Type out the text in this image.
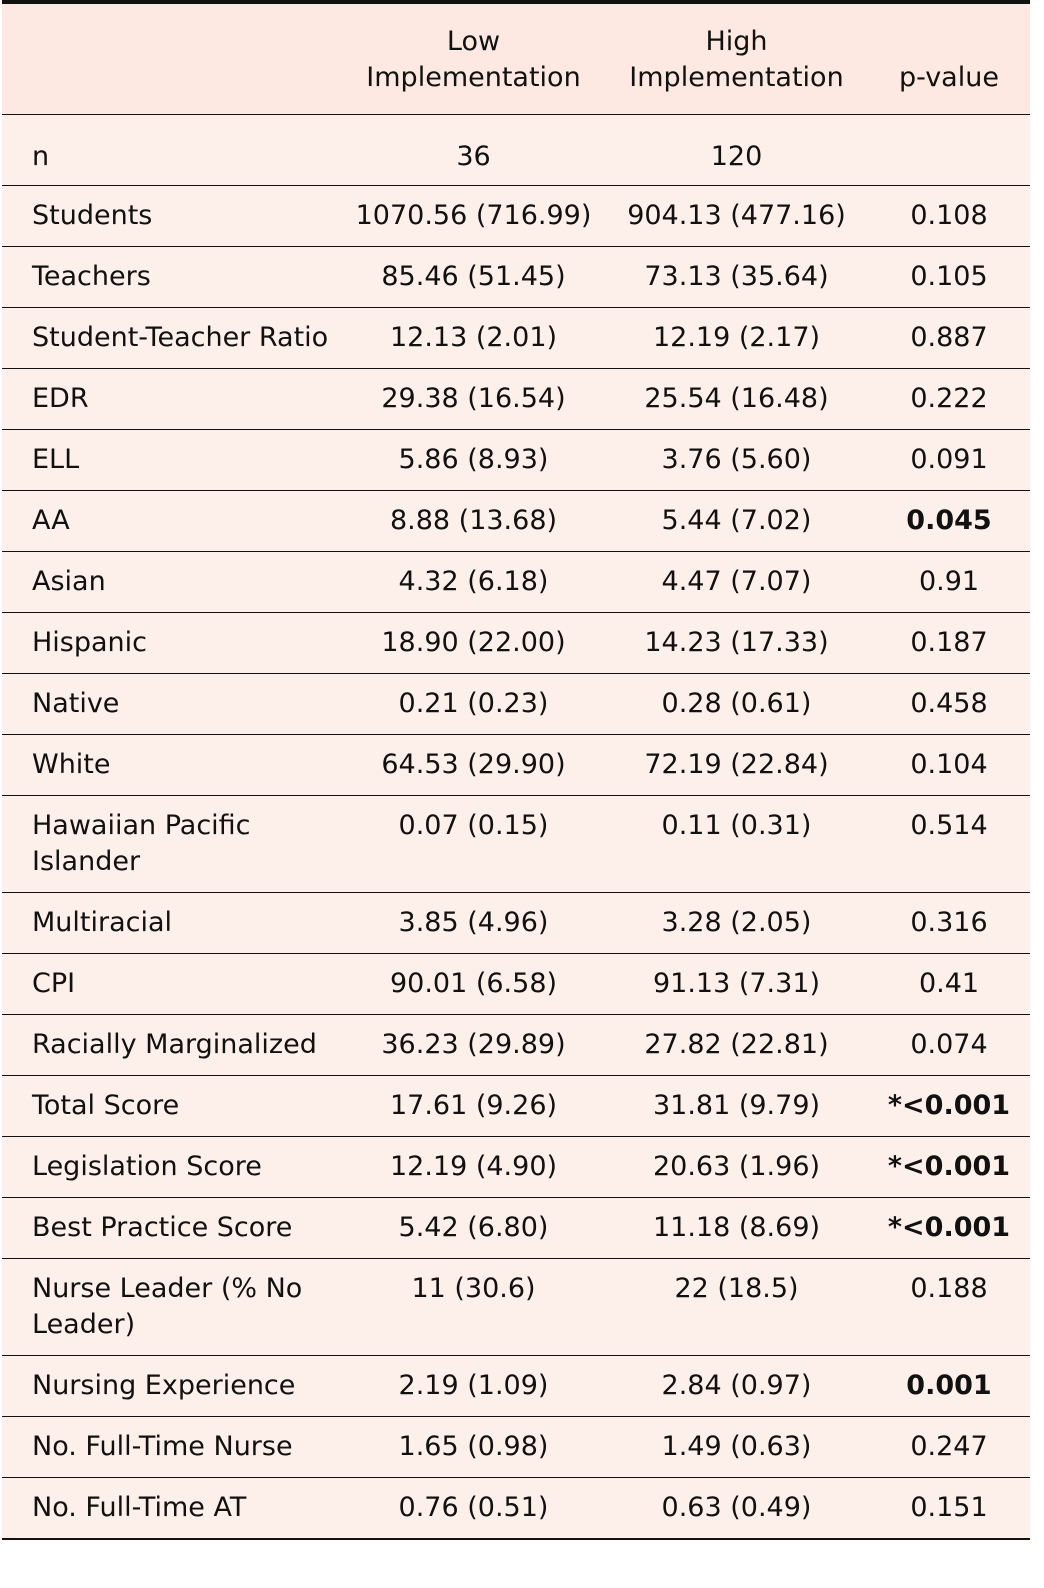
	Low Implementation	High Implementation	p-value
n	36	120	
Students	1070.56 (716.99)	904.13 (477.16)	0.108
Teachers	85.46 (51.45)	73.13 (35.64)	0.105
Student-Teacher Ratio	12.13 (2.01)	12.19 (2.17)	0.887
EDR	29.38 (16.54)	25.54 (16.48)	0.222
ELL	5.86 (8.93)	3.76 (5.60)	0.091
AA	8.88 (13.68)	5.44 (7.02)	0.045
Asian	4.32 (6.18)	4.47 (7.07)	0.91
Hispanic	18.90 (22.00)	14.23 (17.33)	0.187
Native	0.21 (0.23)	0.28 (0.61)	0.458
White	64.53 (29.90)	72.19 (22.84)	0.104
Hawaiian Pacific Islander	0.07 (0.15)	0.11 (0.31)	0.514
Multiracial	3.85 (4.96)	3.28 (2.05)	0.316
CPI	90.01 (6.58)	91.13 (7.31)	0.41
Racially Marginalized	36.23 (29.89)	27.82 (22.81)	0.074
Total Score	17.61 (9.26)	31.81 (9.79)	*<0.001
Legislation Score	12.19 (4.90)	20.63 (1.96)	*<0.001
Best Practice Score	5.42 (6.80)	11.18 (8.69)	*<0.001
Nurse Leader (% No Leader)	11 (30.6)	22 (18.5)	0.188
Nursing Experience	2.19 (1.09)	2.84 (0.97)	0.001
No. Full-Time Nurse	1.65 (0.98)	1.49 (0.63)	0.247
No. Full-Time AT	0.76 (0.51)	0.63 (0.49)	0.151
